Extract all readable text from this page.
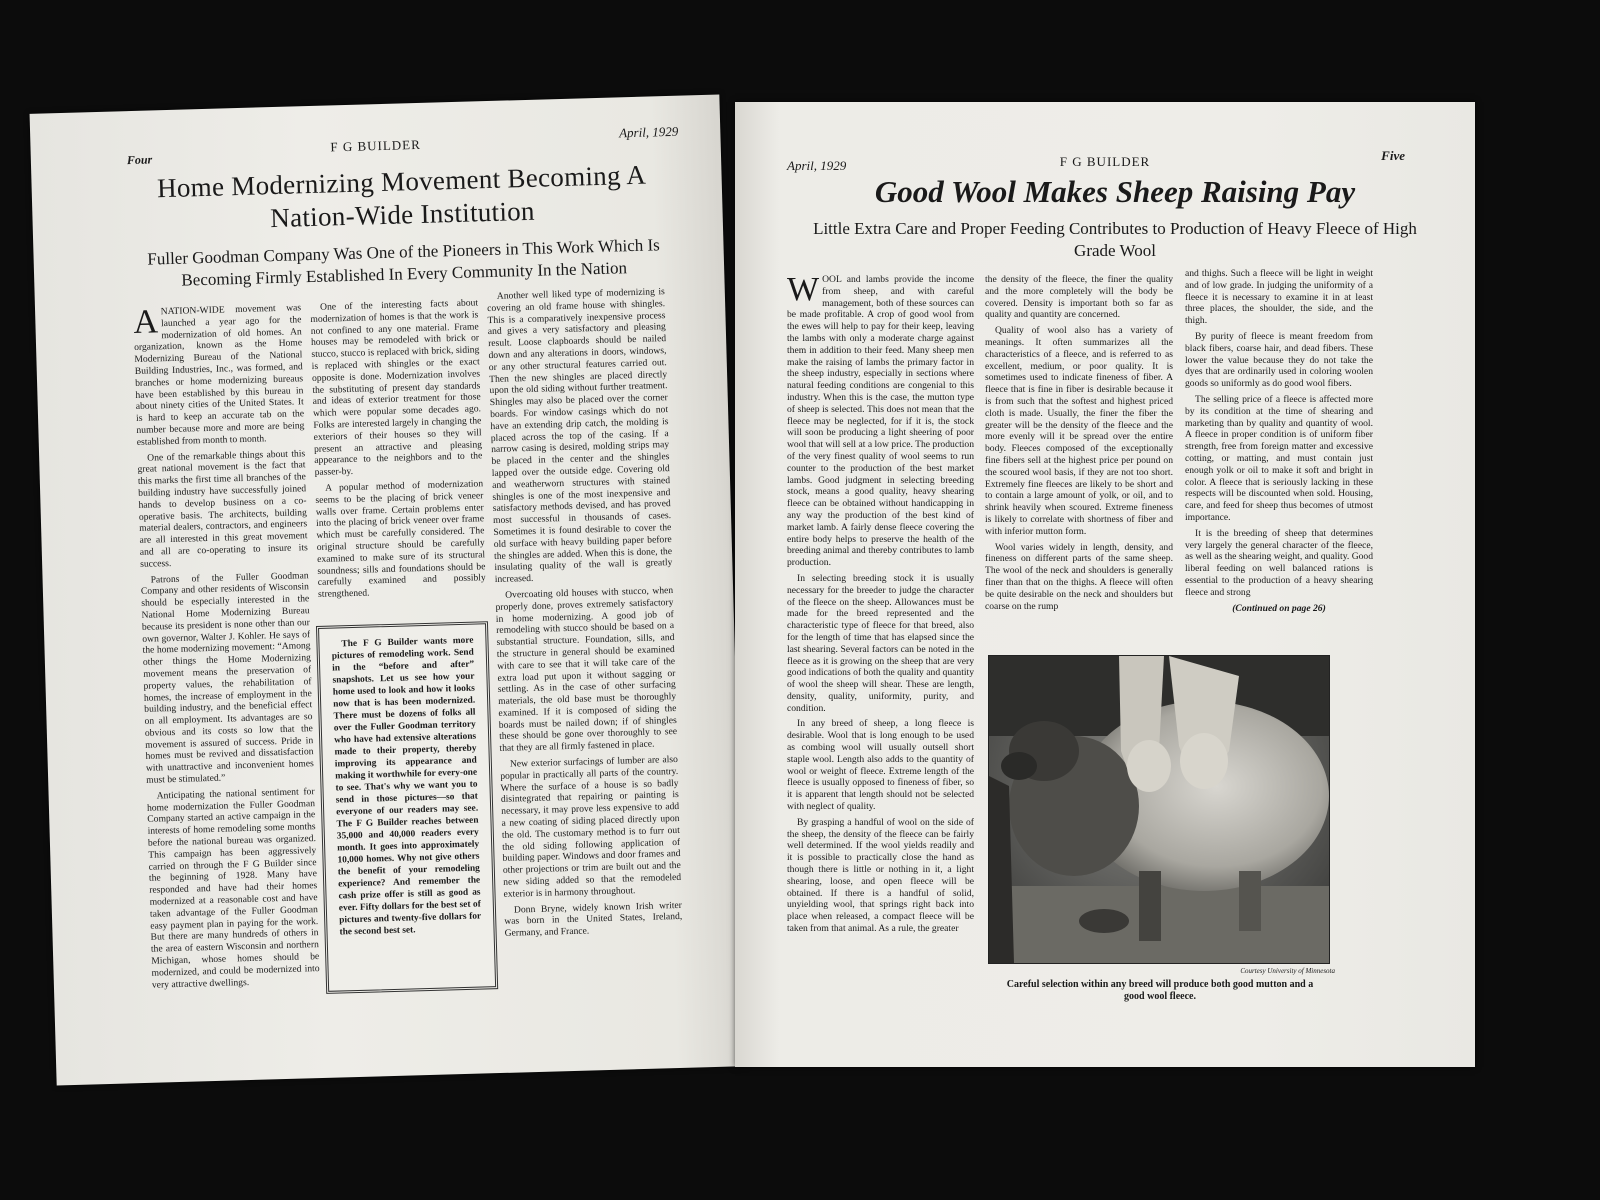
Four
F G BUILDER
April, 1929
Home Modernizing Movement Becoming A Nation-Wide Institution
Fuller Goodman Company Was One of the Pioneers in This Work Which Is Becoming Firmly Established In Every Community In the Nation
A NATION-WIDE movement was launched a year ago for the modernization of old homes. An organization, known as the Home Modernizing Bureau of the National Building Industries, Inc., was formed, and branches or home modernizing bureaus have been established by this bureau in about ninety cities of the United States. It is hard to keep an accurate tab on the number because more and more are being established from month to month.

One of the remarkable things about this great national movement is the fact that this marks the first time all branches of the building industry have successfully joined hands to develop business on a co-operative basis. The architects, building material dealers, contractors, and engineers are all interested in this great movement and all are co-operating to insure its success.

Patrons of the Fuller Goodman Company and other residents of Wisconsin should be especially interested in the National Home Modernizing Bureau because its president is none other than our own governor, Walter J. Kohler. He says of the home modernizing movement: “Among other things the Home Modernizing movement means the preservation of property values, the rehabilitation of homes, the increase of employment in the building industry, and the beneficial effect on all employment. Its advantages are so obvious and its costs so low that the movement is assured of success. Pride in homes must be revived and dissatisfaction with unattractive and inconvenient homes must be stimulated.”

Anticipating the national sentiment for home modernization the Fuller Goodman Company started an active campaign in the interests of home remodeling some months before the national bureau was organized. This campaign has been aggressively carried on through the F G Builder since the beginning of 1928. Many have responded and have had their homes modernized at a reasonable cost and have taken advantage of the Fuller Goodman easy payment plan in paying for the work. But there are many hundreds of others in the area of eastern Wisconsin and northern Michigan, whose homes should be modernized, and could be modernized into very attractive dwellings.

One of the interesting facts about modernization of homes is that the work is not confined to any one material. Frame houses may be remodeled with brick or stucco, stucco is replaced with brick, siding is replaced with shingles or the exact opposite is done. Modernization involves the substituting of present day standards and ideas of exterior treatment for those which were popular some decades ago. Folks are interested largely in changing the exteriors of their houses so they will present an attractive and pleasing appearance to the neighbors and to the passer-by.

A popular method of modernization seems to be the placing of brick veneer walls over frame. Certain problems enter into the placing of brick veneer over frame which must be carefully considered. The original structure should be carefully examined to make sure of its structural soundness; sills and foundations should be carefully examined and possibly strengthened.

The F G Builder wants more pictures of remodeling work. Send in the “before and after” snapshots. Let us see how your home used to look and how it looks now that is has been modernized. There must be dozens of folks all over the Fuller Goodman territory who have had extensive alterations made to their property, thereby improving its appearance and making it worthwhile for every-one to see. That's why we want you to send in those pictures—so that everyone of our readers may see. The F G Builder reaches between 35,000 and 40,000 readers every month. It goes into approximately 10,000 homes. Why not give others the benefit of your remodeling experience? And remember the cash prize offer is still as good as ever. Fifty dollars for the best set of pictures and twenty-five dollars for the second best set.

Another well liked type of modernizing is covering an old frame house with shingles. This is a comparatively inexpensive process and gives a very satisfactory and pleasing result. Loose clapboards should be nailed down and any alterations in doors, windows, or any other structural features carried out. Then the new shingles are placed directly upon the old siding without further treatment. Shingles may also be placed over the corner boards. For window casings which do not have an extending drip catch, the molding is placed across the top of the casing. If a narrow casing is desired, molding strips may be placed in the center and the shingles lapped over the outside edge. Covering old and weatherworn structures with stained shingles is one of the most inexpensive and satisfactory methods devised, and has proved most successful in thousands of cases. Sometimes it is found desirable to cover the old surface with heavy building paper before the shingles are added. When this is done, the insulating quality of the wall is greatly increased.

Overcoating old houses with stucco, when properly done, proves extremely satisfactory in home modernizing. A good job of remodeling with stucco should be based on a substantial structure. Foundation, sills, and the structure in general should be examined with care to see that it will take care of the extra load put upon it without sagging or settling. As in the case of other surfacing materials, the old base must be thoroughly examined. If it is composed of siding the boards must be nailed down; if of shingles these should be gone over thoroughly to see that they are all firmly fastened in place.

New exterior surfacings of lumber are also popular in practically all parts of the country. Where the surface of a house is so badly disintegrated that repairing or painting is necessary, it may prove less expensive to add a new coating of siding placed directly upon the old. The customary method is to furr out the old siding following application of building paper. Windows and door frames and other projections or trim are built out and the new siding added so that the remodeled exterior is in harmony throughout.

Donn Bryne, widely known Irish writer was born in the United States, Ireland, Germany, and France.

April, 1929	F G BUILDER	Five
Good Wool Makes Sheep Raising Pay
Little Extra Care and Proper Feeding Contributes to Production of Heavy Fleece of High Grade Wool
W OOL and lambs provide the income from sheep, and with careful management, both of these sources can be made profitable. A crop of good wool from the ewes will help to pay for their keep, leaving the lambs with only a moderate charge against them in addition to their feed. Many sheep men make the raising of lambs the primary factor in the sheep industry, especially in sections where natural feeding conditions are congenial to this industry. When this is the case, the mutton type of sheep is selected. This does not mean that the fleece may be neglected, for if it is, the stock will soon be producing a light sheering of poor wool that will sell at a low price. The production of the very finest quality of wool seems to run counter to the production of the best market lambs. Good judgment in selecting breeding stock, means a good quality, heavy shearing fleece can be obtained without handicapping in any way the production of the best kind of market lamb. A fairly dense fleece covering the entire body helps to preserve the health of the breeding animal and thereby contributes to lamb production.

In selecting breeding stock it is usually necessary for the breeder to judge the character of the fleece on the sheep. Allowances must be made for the breed represented and the characteristic type of fleece for that breed, also for the length of time that has elapsed since the last shearing. Several factors can be noted in the fleece as it is growing on the sheep that are very good indications of both the quality and quantity of wool the sheep will shear. These are length, density, quality, uniformity, purity, and condition.

In any breed of sheep, a long fleece is desirable. Wool that is long enough to be used as combing wool will usually outsell short staple wool. Length also adds to the quantity of wool or weight of fleece. Extreme length of the fleece is usually opposed to fineness of fiber, so it is apparent that length should not be selected with neglect of quality.

By grasping a handful of wool on the side of the sheep, the density of the fleece can be fairly well determined. If the wool yields readily and it is possible to practically close the hand as though there is little or nothing in it, a light shearing, loose, and open fleece will be obtained. If there is a handful of solid, unyielding wool, that springs right back into place when released, a compact fleece will be taken from that animal. As a rule, the greater

the density of the fleece, the finer the quality and the more completely will the body be covered. Density is important both so far as quality and quantity are concerned.

Quality of wool also has a variety of meanings. It often summarizes all the characteristics of a fleece, and is referred to as excellent, medium, or poor quality. It is sometimes used to indicate fineness of fiber. A fleece that is fine in fiber is desirable because it is from such that the softest and highest priced cloth is made. Usually, the finer the fiber the greater will be the density of the fleece and the more evenly will it be spread over the entire body. Fleeces composed of the exceptionally fine fibers sell at the highest price per pound on the scoured wool basis, if they are not too short. Extremely fine fleeces are likely to be short and to contain a large amount of yolk, or oil, and to shrink heavily when scoured. Extreme fineness is likely to correlate with shortness of fiber and with inferior mutton form.

Wool varies widely in length, density, and fineness on different parts of the same sheep. The wool of the neck and shoulders is generally finer than that on the thighs. A fleece will often be quite desirable on the neck and shoulders but coarse on the rump

and thighs. Such a fleece will be light in weight and of low grade. In judging the uniformity of a fleece it is necessary to examine it in at least three places, the shoulder, the side, and the thigh.

By purity of fleece is meant freedom from black fibers, coarse hair, and dead fibers. These lower the value because they do not take the dyes that are ordinarily used in coloring woolen goods so uniformly as do good wool fibers.

The selling price of a fleece is affected more by its condition at the time of shearing and marketing than by quality and quantity of wool. A fleece in proper condition is of uniform fiber strength, free from foreign matter and excessive cotting, or matting, and must contain just enough yolk or oil to make it soft and bright in color. A fleece that is seriously lacking in these respects will be discounted when sold. Housing, care, and feed for sheep thus becomes of utmost importance.

It is the breeding of sheep that determines very largely the general character of the fleece, as well as the shearing weight, and quality. Good liberal feeding on well balanced rations is essential to the production of a heavy shearing fleece and strong

(Continued on page 26)
Courtesy University of Minnesota
Careful selection within any breed will produce both good mutton and a good wool fleece.
